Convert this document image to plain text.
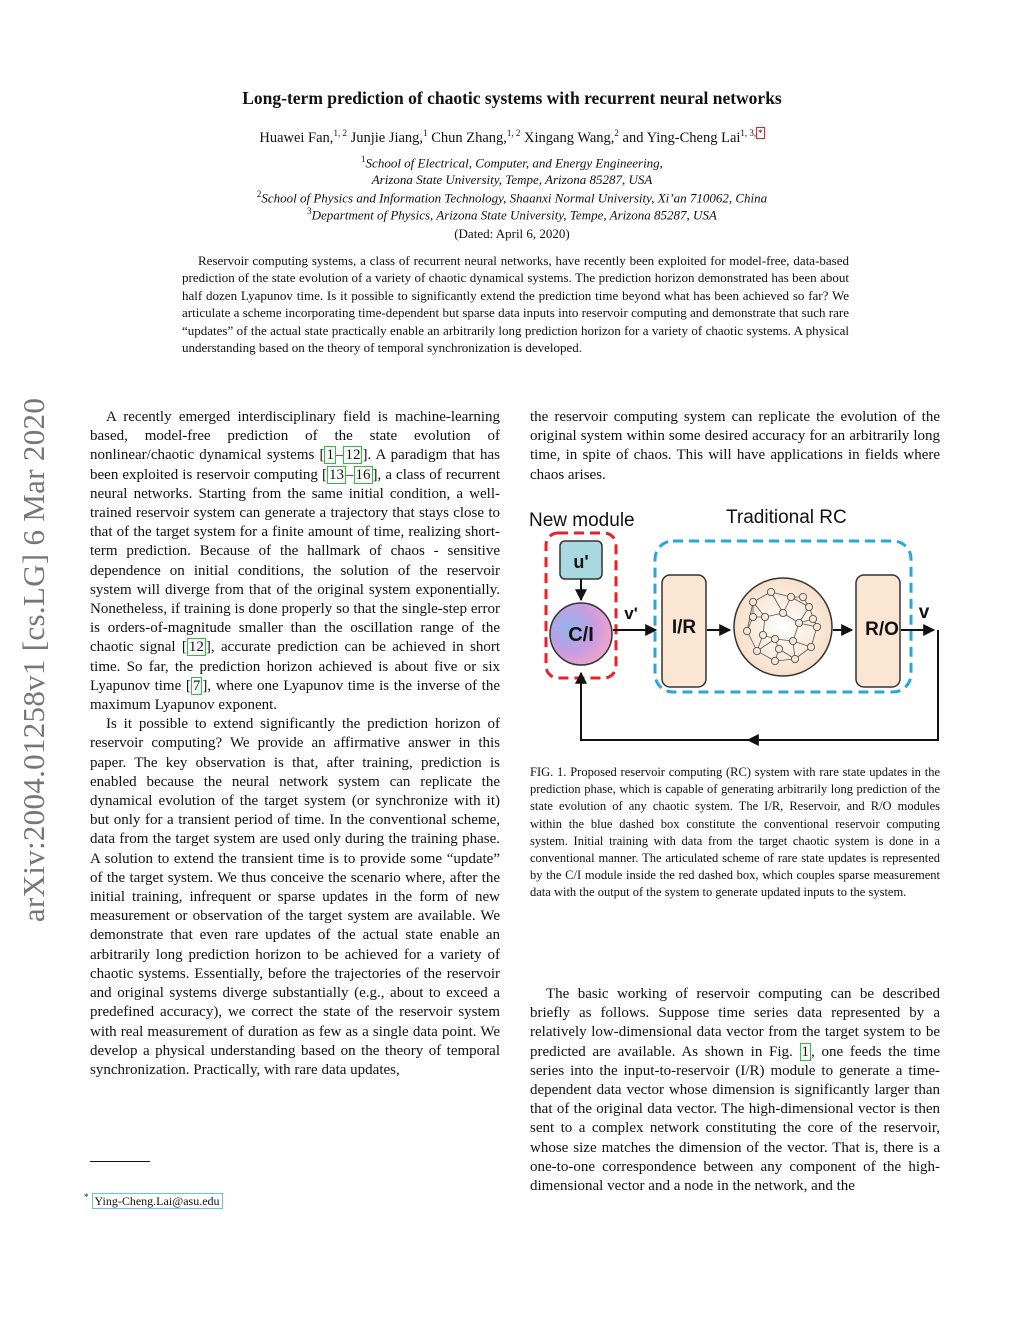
arXiv:2004.01258v1 [cs.LG] 6 Mar 2020
Long-term prediction of chaotic systems with recurrent neural networks
Huawei Fan,$^{1, 2}$ Junjie Jiang,$^1$ Chun Zhang,$^{1, 2}$ Xingang Wang,$^2$ and Ying-Cheng Lai$^{1, 3, *}$
$^1$School of Electrical, Computer, and Energy Engineering,
Arizona State University, Tempe, Arizona 85287, USA
$^2$School of Physics and Information Technology, Shaanxi Normal University, Xi’an 710062, China
$^3$Department of Physics, Arizona State University, Tempe, Arizona 85287, USA
(Dated: April 6, 2020)
Reservoir computing systems, a class of recurrent neural networks, have recently been exploited for model-free, data-based prediction of the state evolution of a variety of chaotic dynamical systems. The prediction horizon demonstrated has been about half dozen Lyapunov time. Is it possible to significantly extend the prediction time beyond what has been achieved so far? We articulate a scheme incorporating time-dependent but sparse data inputs into reservoir computing and demonstrate that such rare “updates” of the actual state practically enable an arbitrarily long prediction horizon for a variety of chaotic systems. A physical understanding based on the theory of temporal synchronization is developed.

A recently emerged interdisciplinary field is machine-learning based, model-free prediction of the state evolution of nonlinear/chaotic dynamical systems [ 1 – 12 ]. A paradigm that has been exploited is reservoir computing [ 13 – 16 ], a class of recurrent neural networks. Starting from the same initial condition, a well-trained reservoir system can generate a trajectory that stays close to that of the target system for a finite amount of time, realizing short-term prediction. Because of the hallmark of chaos - sensitive dependence on initial conditions, the solution of the reservoir system will diverge from that of the original system exponentially. Nonetheless, if training is done properly so that the single-step error is orders-of-magnitude smaller than the oscillation range of the chaotic signal [ 12 ], accurate prediction can be achieved in short time. So far, the prediction horizon achieved is about five or six Lyapunov time [ 7 ], where one Lyapunov time is the inverse of the maximum Lyapunov exponent.

Is it possible to extend significantly the prediction horizon of reservoir computing? We provide an affirmative answer in this paper. The key observation is that, after training, prediction is enabled because the neural network system can replicate the dynamical evolution of the target system (or synchronize with it) but only for a transient period of time. In the conventional scheme, data from the target system are used only during the training phase. A solution to extend the transient time is to provide some “update” of the target system. We thus conceive the scenario where, after the initial training, infrequent or sparse updates in the form of new measurement or observation of the target system are available. We demonstrate that even rare updates of the actual state enable an arbitrarily long prediction horizon to be achieved for a variety of chaotic systems. Essentially, before the trajectories of the reservoir and original systems diverge substantially (e.g., about to exceed a predefined accuracy), we correct the state of the reservoir system with real measurement of duration as few as a single data point. We develop a physical understanding based on the theory of temporal synchronization. Practically, with rare data updates,

the reservoir computing system can replicate the evolution of the original system within some desired accuracy for an arbitrarily long time, in spite of chaos. This will have applications in fields where chaos arises.

New module	Traditional RC
u'
C/I
v'
I/R	R/O
v
FIG. 1. Proposed reservoir computing (RC) system with rare state updates in the prediction phase, which is capable of generating arbitrarily long prediction of the state evolution of any chaotic system. The I/R, Reservoir, and R/O modules within the blue dashed box constitute the conventional reservoir computing system. Initial training with data from the target chaotic system is done in a conventional manner. The articulated scheme of rare state updates is represented by the C/I module inside the red dashed box, which couples sparse measurement data with the output of the system to generate updated inputs to the system.

The basic working of reservoir computing can be described briefly as follows. Suppose time series data represented by a relatively low-dimensional data vector from the target system to be predicted are available. As shown in Fig. 1 , one feeds the time series into the input-to-reservoir (I/R) module to generate a time-dependent data vector whose dimension is significantly larger than that of the original data vector. The high-dimensional vector is then sent to a complex network constituting the core of the reservoir, whose size matches the dimension of the vector. That is, there is a one-to-one correspondence between any component of the high-dimensional vector and a node in the network, and the

* Ying-Cheng.Lai@asu.edu
